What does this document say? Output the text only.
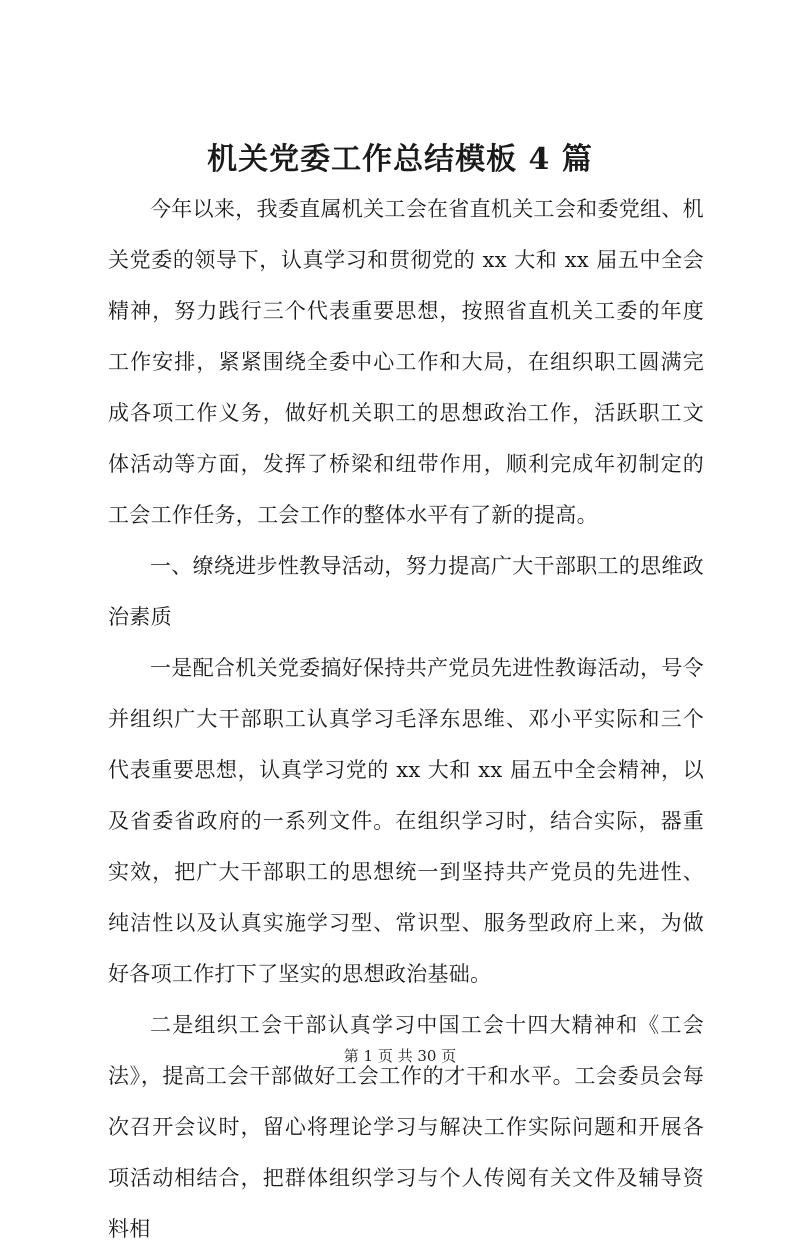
机关党委工作总结模板 4 篇

今年以来，我委直属机关工会在省直机关工会和委党组、机关党委的领导下，认真学习和贯彻党的 xx 大和 xx 届五中全会精神，努力践行三个代表重要思想，按照省直机关工委的年度工作安排，紧紧围绕全委中心工作和大局，在组织职工圆满完成各项工作义务，做好机关职工的思想政治工作，活跃职工文体活动等方面，发挥了桥梁和纽带作用，顺利完成年初制定的工会工作任务，工会工作的整体水平有了新的提高。

一、缭绕进步性教导活动，努力提高广大干部职工的思维政治素质

一是配合机关党委搞好保持共产党员先进性教诲活动，号令并组织广大干部职工认真学习毛泽东思维、邓小平实际和三个代表重要思想，认真学习党的 xx 大和 xx 届五中全会精神，以及省委省政府的一系列文件。在组织学习时，结合实际，器重实效，把广大干部职工的思想统一到坚持共产党员的先进性、纯洁性以及认真实施学习型、常识型、服务型政府上来，为做好各项工作打下了坚实的思想政治基础。

二是组织工会干部认真学习中国工会十四大精神和《工会法》，提高工会干部做好工会工作的才干和水平。工会委员会每次召开会议时，留心将理论学习与解决工作实际问题和开展各项活动相结合，把群体组织学习与个人传阅有关文件及辅导资料相

第 1 页 共 30 页
